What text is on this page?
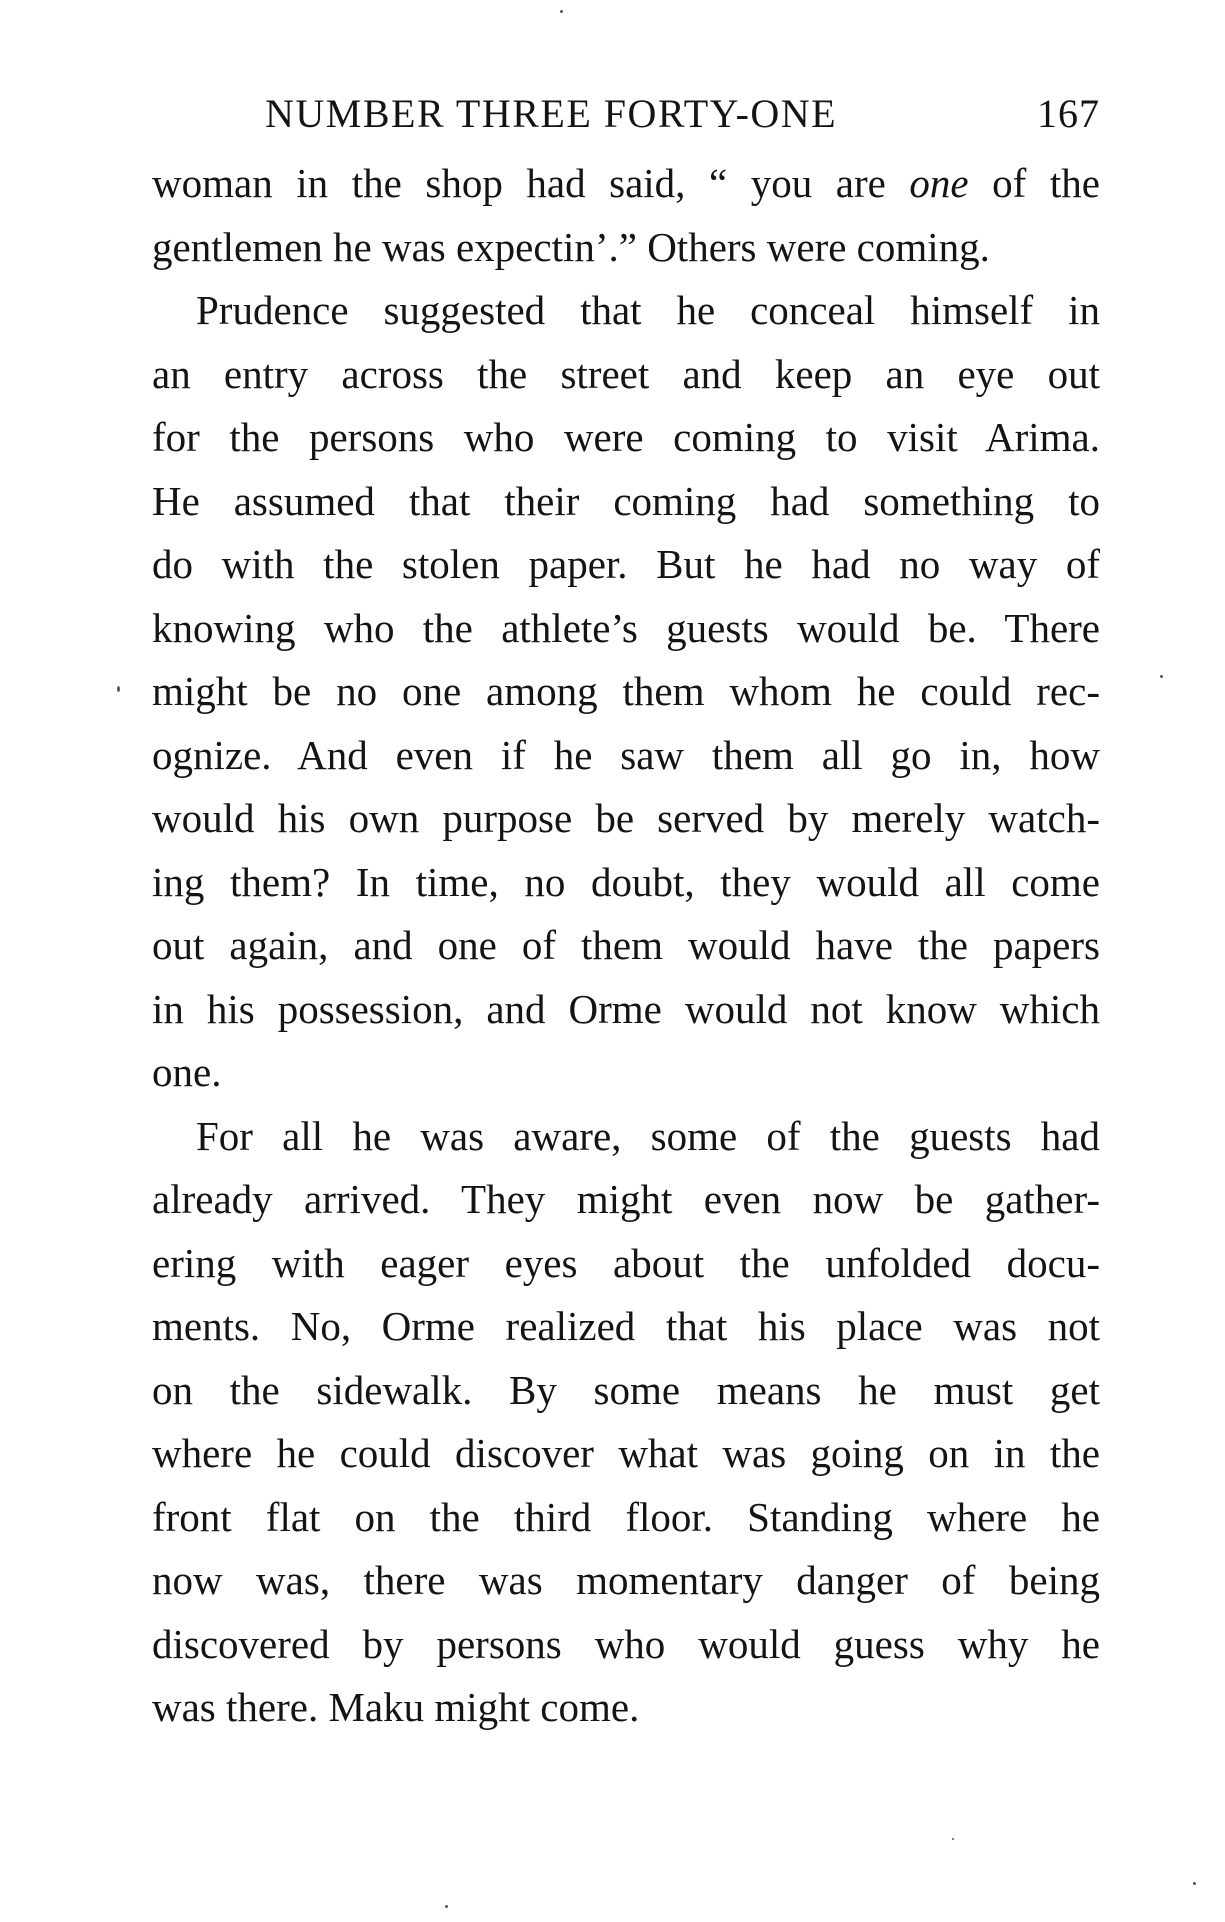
NUMBER THREE FORTY-ONE	167
woman in the shop had said, “ you are one of the
gentlemen he was expectin’.” Others were coming.
Prudence suggested that he conceal himself in
an entry across the street and keep an eye out
for the persons who were coming to visit Arima.
He assumed that their coming had something to
do with the stolen paper. But he had no way of
knowing who the athlete’s guests would be. There
might be no one among them whom he could rec-
ognize. And even if he saw them all go in, how
would his own purpose be served by merely watch-
ing them? In time, no doubt, they would all come
out again, and one of them would have the papers
in his possession, and Orme would not know which
one.
For all he was aware, some of the guests had
already arrived. They might even now be gather-
ering with eager eyes about the unfolded docu-
ments. No, Orme realized that his place was not
on the sidewalk. By some means he must get
where he could discover what was going on in the
front flat on the third floor. Standing where he
now was, there was momentary danger of being
discovered by persons who would guess why he
was there. Maku might come.
